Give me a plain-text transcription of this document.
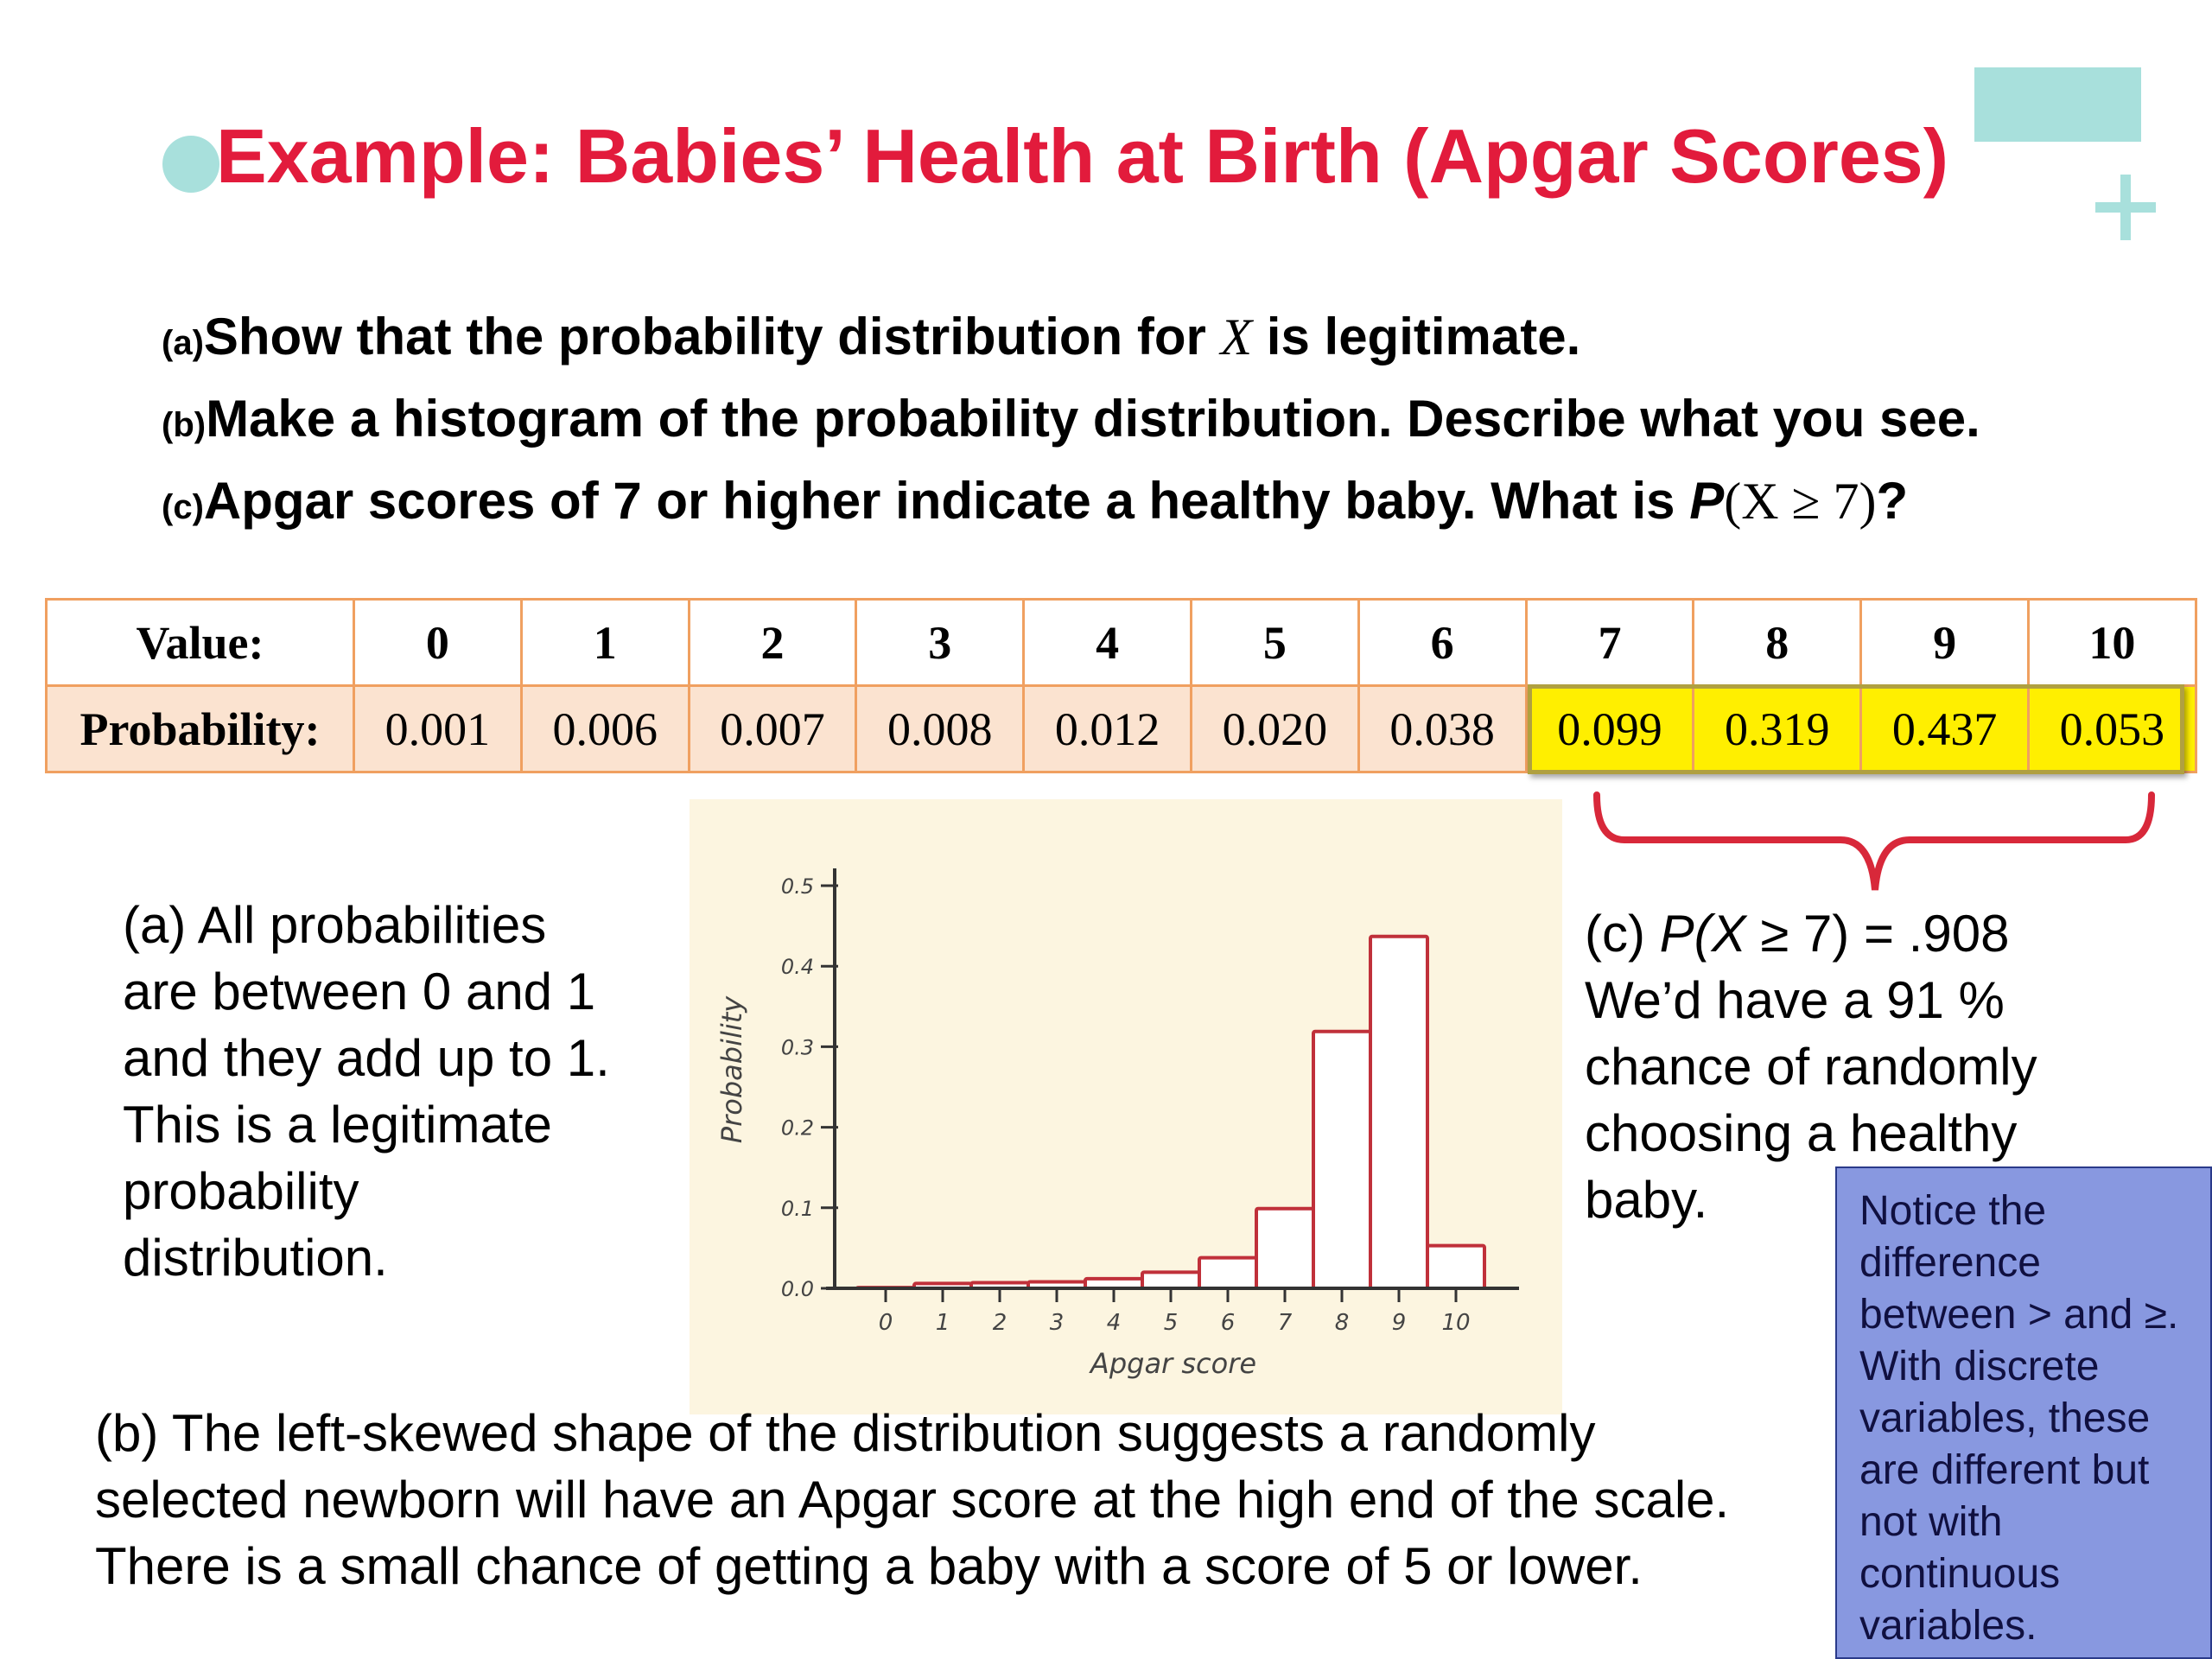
Example: Babies’ Health at Birth (Apgar Scores)
(a)Show that the probability distribution for X is legitimate.
(b)Make a histogram of the probability distribution. Describe what you see.
(c)Apgar scores of 7 or higher indicate a healthy baby. What is P(X ≥ 7)?
Value:	0	1	2	3	4	5	6	7	8	9	10
Probability:	0.001	0.006	0.007	0.008	0.012	0.020	0.038	0.099	0.319	0.437	0.053
0.0
0.1
0.2
0.3
0.4
0.5
0 1 2 3 4 5 6 7 8 9 10
Apgar score
Probability
(a) All probabilities
are between 0 and 1
and they add up to 1.
This is a legitimate
probability
distribution.
(c) P(X ≥ 7) = .908
We’d have a 91 %
chance of randomly
choosing a healthy
baby.
(b) The left-skewed shape of the distribution suggests a randomly
selected newborn will have an Apgar score at the high end of the scale.
There is a small chance of getting a baby with a score of 5 or lower.
Notice the
difference
between > and ≥.
With discrete
variables, these
are different but
not with
continuous
variables.
